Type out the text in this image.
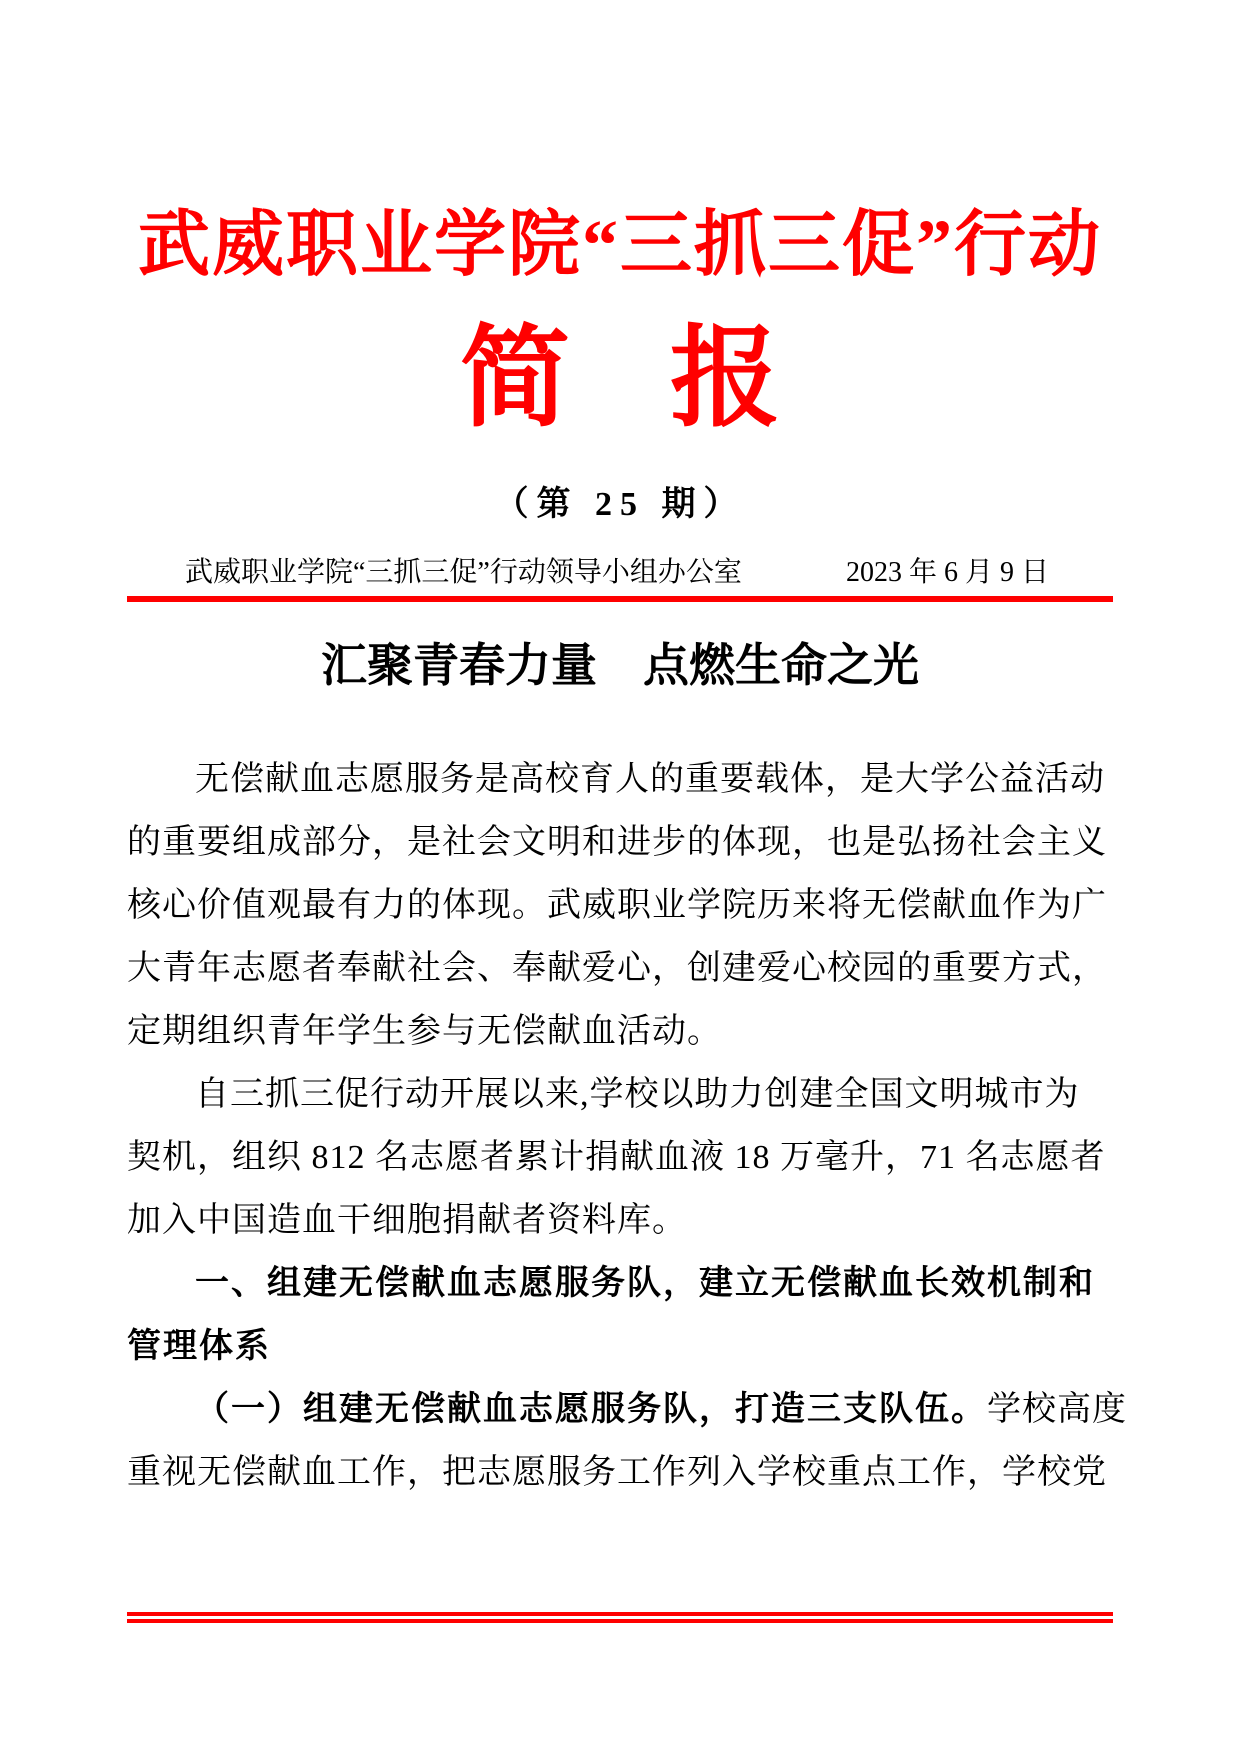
武威职业学院“三抓三促”行动
简 报
（第 25 期）
武威职业学院“三抓三促”行动领导小组办公室	2023 年 6 月 9 日
汇聚青春力量　点燃生命之光

无偿献血志愿服务是高校育人的重要载体，是大学公益活动

的重要组成部分，是社会文明和进步的体现，也是弘扬社会主义

核心价值观最有力的体现。武威职业学院历来将无偿献血作为广

大青年志愿者奉献社会、奉献爱心，创建爱心校园的重要方式，

定期组织青年学生参与无偿献血活动。

自三抓三促行动开展以来,学校以助力创建全国文明城市为

契机，组织 812 名志愿者累计捐献血液 18 万毫升，71 名志愿者

加入中国造血干细胞捐献者资料库。

一、组建无偿献血志愿服务队，建立无偿献血长效机制和

管理体系

（一）组建无偿献血志愿服务队，打造三支队伍。学校高度

重视无偿献血工作，把志愿服务工作列入学校重点工作，学校党
